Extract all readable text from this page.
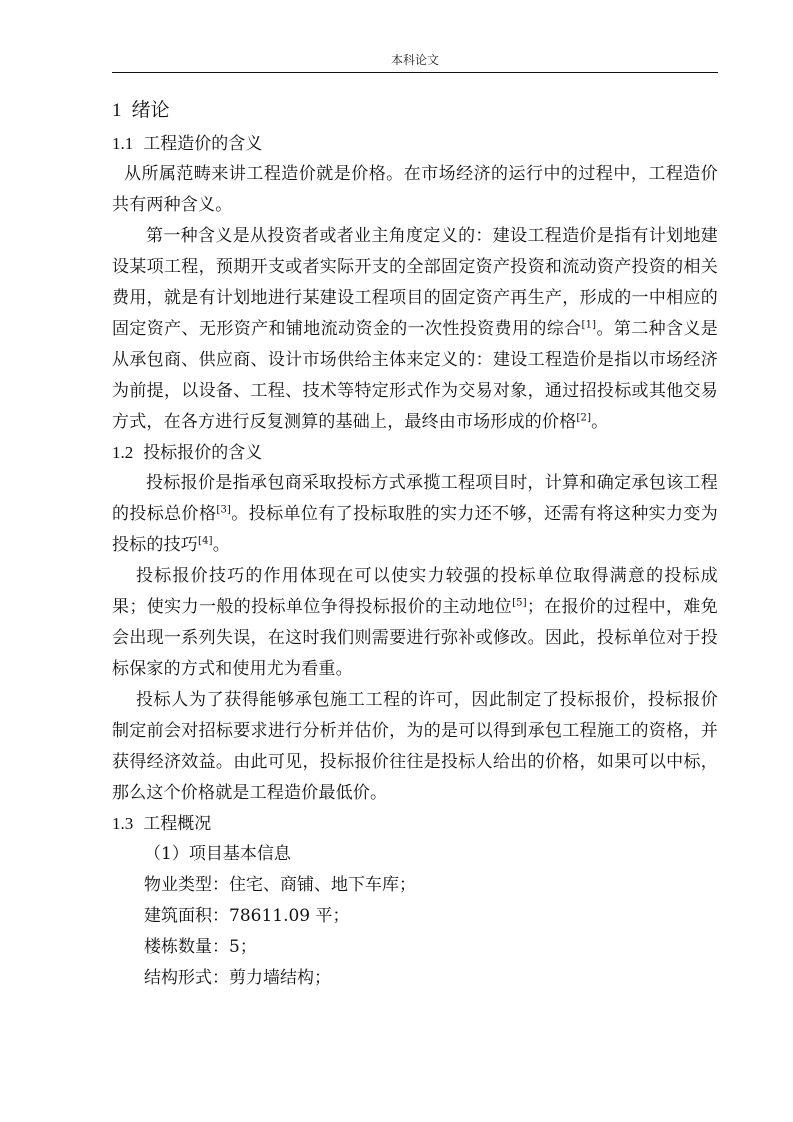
本科论文
1 绪论
1.1 工程造价的含义

从所属范畴来讲工程造价就是价格。在市场经济的运行中的过程中，工程造价共有两种含义。

第一种含义是从投资者或者业主角度定义的：建设工程造价是指有计划地建设某项工程，预期开支或者实际开支的全部固定资产投资和流动资产投资的相关费用，就是有计划地进行某建设工程项目的固定资产再生产，形成的一中相应的固定资产、无形资产和铺地流动资金的一次性投资费用的综合[1]。第二种含义是从承包商、供应商、设计市场供给主体来定义的：建设工程造价是指以市场经济为前提，以设备、工程、技术等特定形式作为交易对象，通过招投标或其他交易方式，在各方进行反复测算的基础上，最终由市场形成的价格[2]。

1.2 投标报价的含义

投标报价是指承包商采取投标方式承揽工程项目时，计算和确定承包该工程的投标总价格[3]。投标单位有了投标取胜的实力还不够，还需有将这种实力变为投标的技巧[4]。

投标报价技巧的作用体现在可以使实力较强的投标单位取得满意的投标成果；使实力一般的投标单位争得投标报价的主动地位[5]；在报价的过程中，难免会出现一系列失误，在这时我们则需要进行弥补或修改。因此，投标单位对于投标保家的方式和使用尤为看重。

投标人为了获得能够承包施工工程的许可，因此制定了投标报价，投标报价制定前会对招标要求进行分析并估价，为的是可以得到承包工程施工的资格，并获得经济效益。由此可见，投标报价往往是投标人给出的价格，如果可以中标，那么这个价格就是工程造价最低价。

1.3 工程概况

（1）项目基本信息

物业类型：住宅、商铺、地下车库；

建筑面积：78611.09 平；

楼栋数量：5；

结构形式：剪力墙结构；
